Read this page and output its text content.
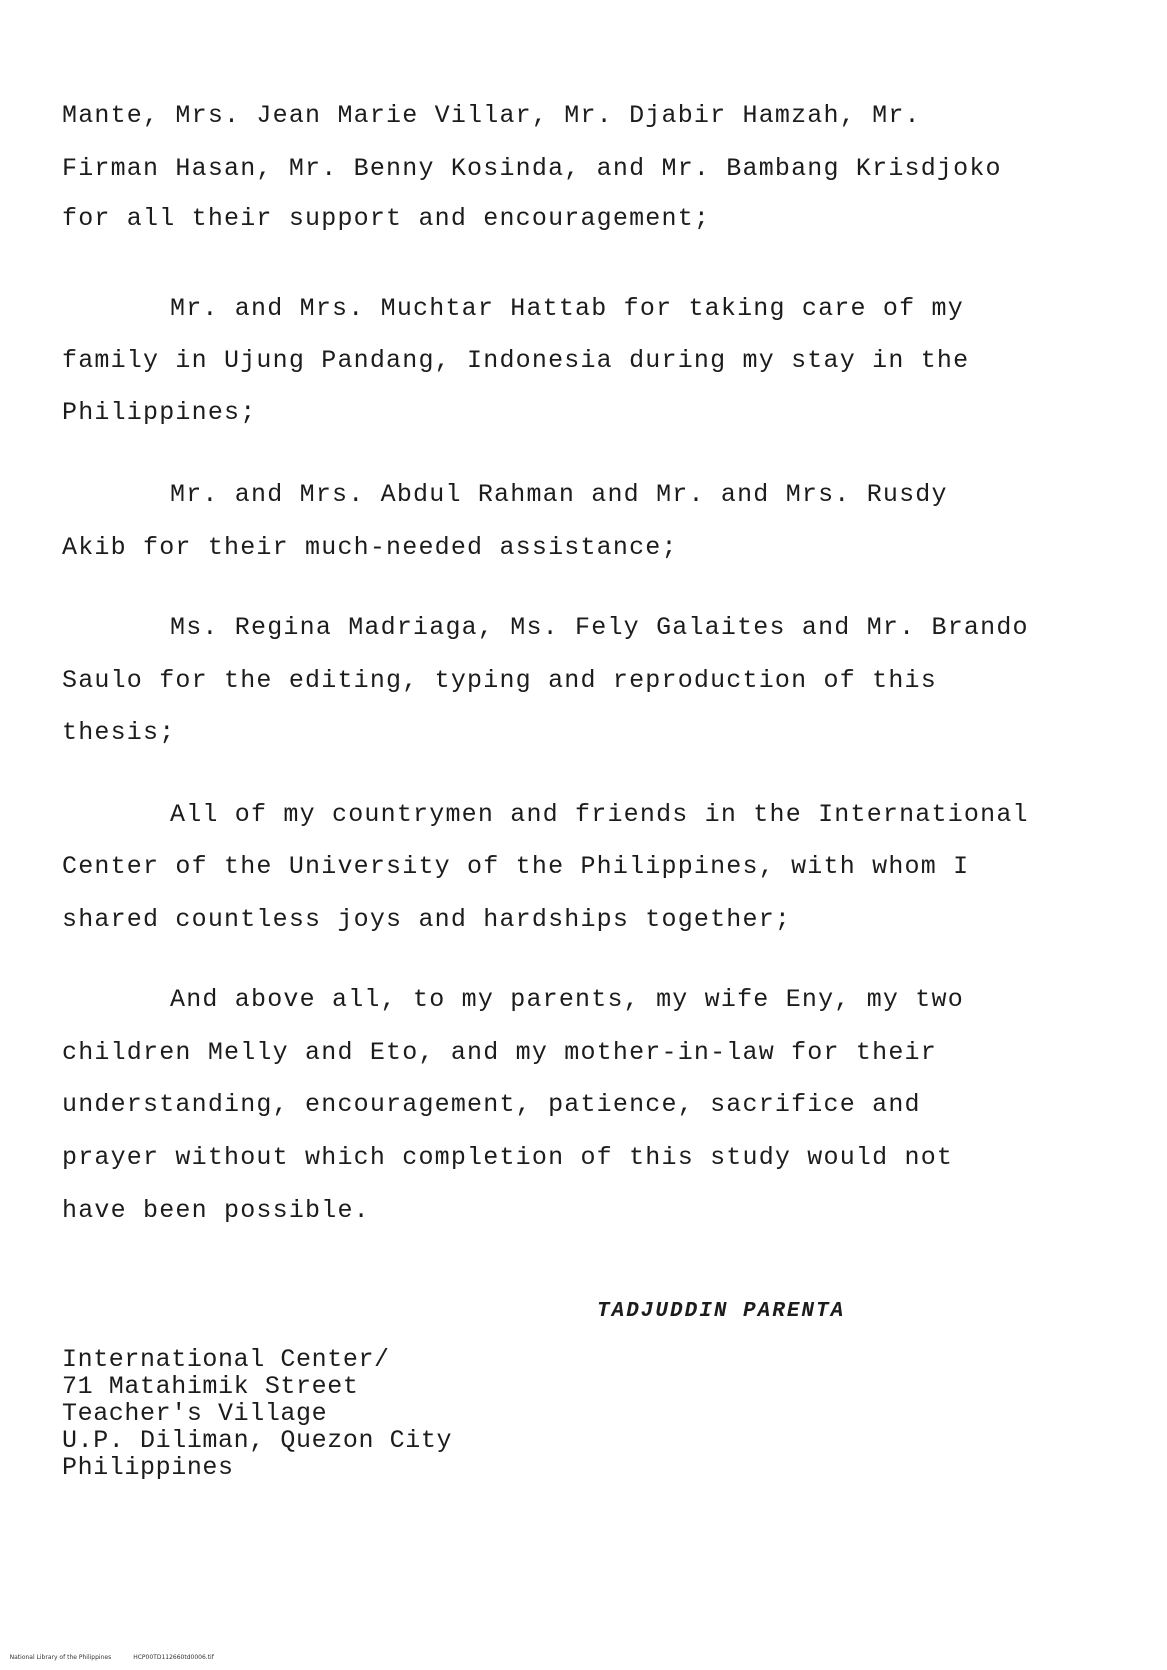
Mante, Mrs. Jean Marie Villar, Mr. Djabir Hamzah, Mr.
Firman Hasan, Mr. Benny Kosinda, and Mr. Bambang Krisdjoko
for all their support and encouragement;
Mr. and Mrs. Muchtar Hattab for taking care of my
family in Ujung Pandang, Indonesia during my stay in the
Philippines;
Mr. and Mrs. Abdul Rahman and Mr. and Mrs. Rusdy
Akib for their much-needed assistance;
Ms. Regina Madriaga, Ms. Fely Galaites and Mr. Brando
Saulo for the editing, typing and reproduction of this
thesis;
All of my countrymen and friends in the International
Center of the University of the Philippines, with whom I
shared countless joys and hardships together;
And above all, to my parents, my wife Eny, my two
children Melly and Eto, and my mother-in-law for their
understanding, encouragement, patience, sacrifice and
prayer without which completion of this study would not
have been possible.
TADJUDDIN PARENTA
International Center/
71 Matahimik Street
Teacher's Village
U.P. Diliman, Quezon City
Philippines

National Library of the Philippines	HCP00TD112660td0006.tif
